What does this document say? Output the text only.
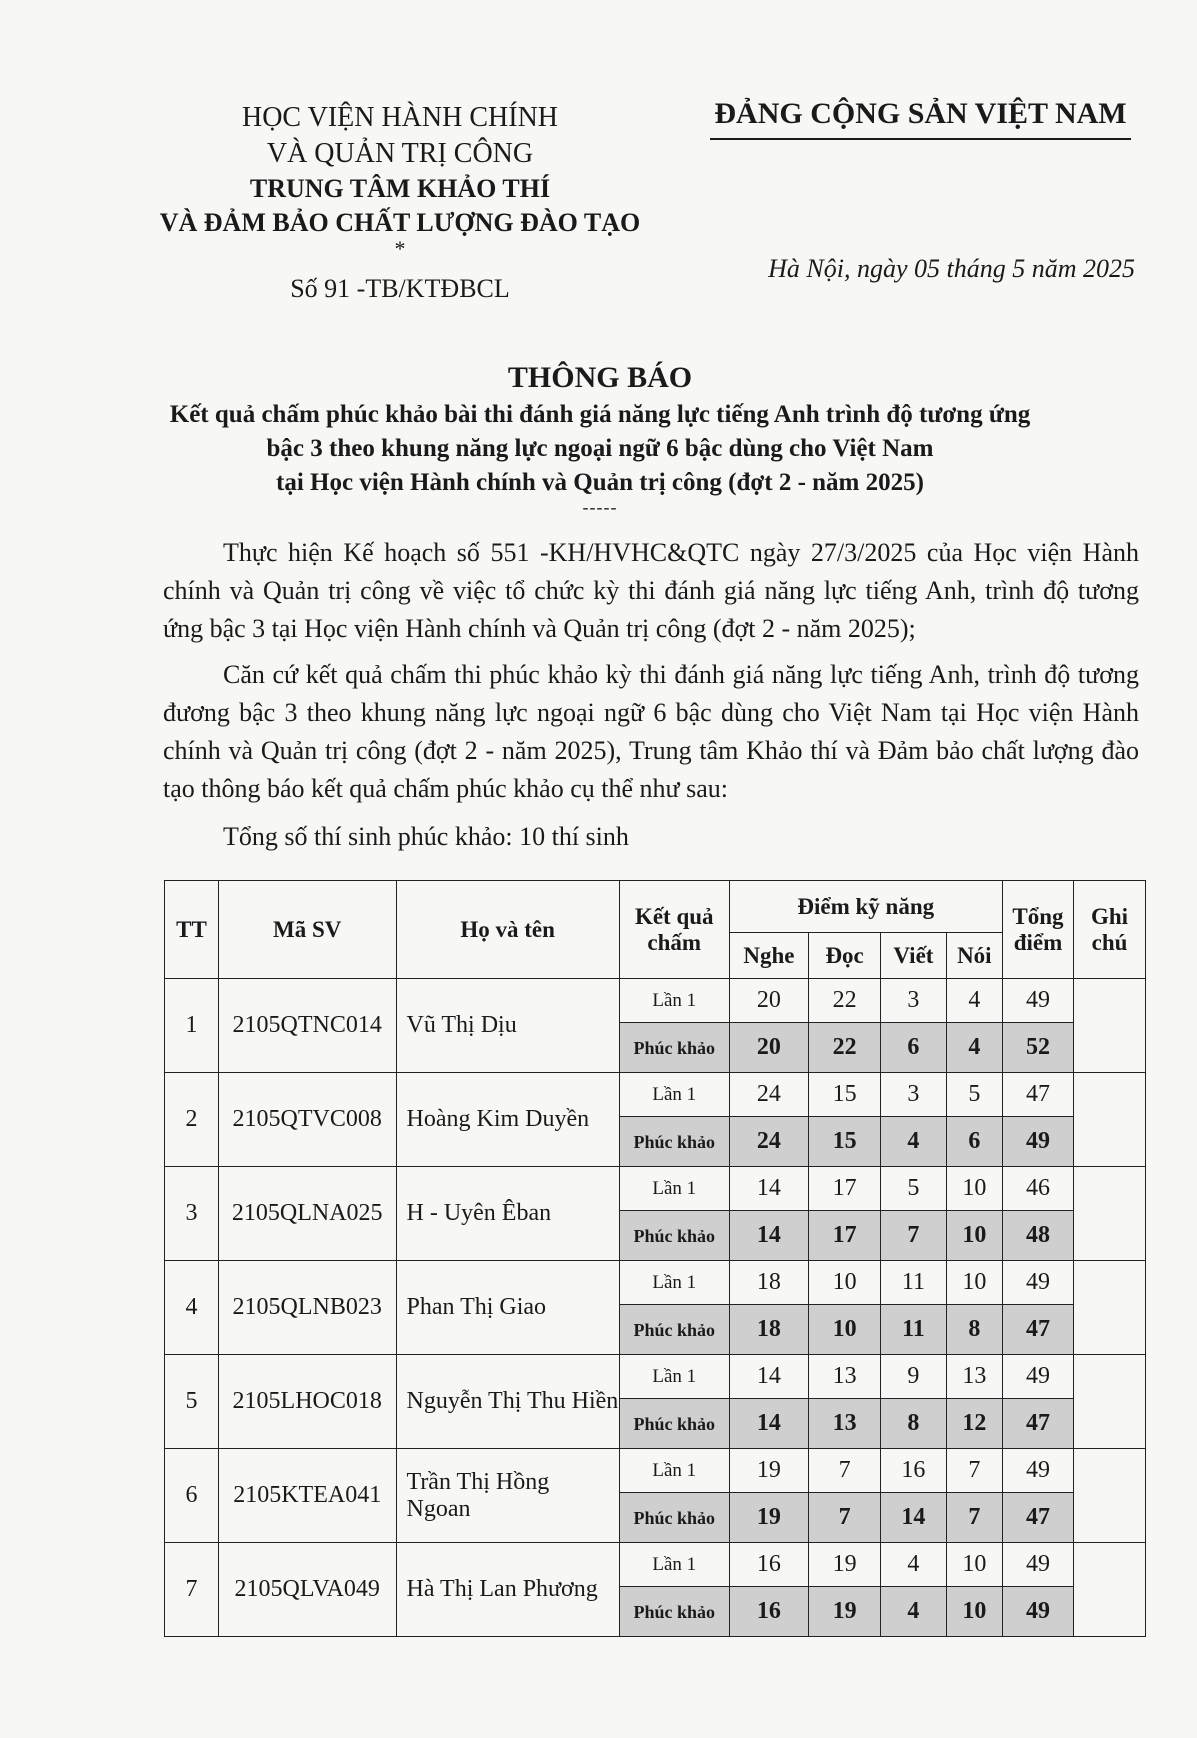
HỌC VIỆN HÀNH CHÍNH
VÀ QUẢN TRỊ CÔNG
TRUNG TÂM KHẢO THÍ
VÀ ĐẢM BẢO CHẤT LƯỢNG ĐÀO TẠO
*
Số 91 -TB/KTĐBCL
ĐẢNG CỘNG SẢN VIỆT NAM
Hà Nội, ngày 05 tháng 5 năm 2025
THÔNG BÁO
Kết quả chấm phúc khảo bài thi đánh giá năng lực tiếng Anh trình độ tương ứng
bậc 3 theo khung năng lực ngoại ngữ 6 bậc dùng cho Việt Nam
tại Học viện Hành chính và Quản trị công (đợt 2 - năm 2025)
-----

Thực hiện Kế hoạch số 551 -KH/HVHC&QTC ngày 27/3/2025 của Học viện Hành chính và Quản trị công về việc tổ chức kỳ thi đánh giá năng lực tiếng Anh, trình độ tương ứng bậc 3 tại Học viện Hành chính và Quản trị công (đợt 2 - năm 2025);

Căn cứ kết quả chấm thi phúc khảo kỳ thi đánh giá năng lực tiếng Anh, trình độ tương đương bậc 3 theo khung năng lực ngoại ngữ 6 bậc dùng cho Việt Nam tại Học viện Hành chính và Quản trị công (đợt 2 - năm 2025), Trung tâm Khảo thí và Đảm bảo chất lượng đào tạo thông báo kết quả chấm phúc khảo cụ thể như sau:

Tổng số thí sinh phúc khảo: 10 thí sinh

TT	Mã SV	Họ và tên	Kết quả chấm	Điểm kỹ năng				Tổng điểm	Ghi chú
				Nghe	Đọc	Viết	Nói		
1	2105QTNC014	Vũ Thị Dịu	Lần 1	20	22	3	4	49	
			Phúc khảo	20	22	6	4	52	
2	2105QTVC008	Hoàng Kim Duyền	Lần 1	24	15	3	5	47	
			Phúc khảo	24	15	4	6	49	
3	2105QLNA025	H - Uyên Êban	Lần 1	14	17	5	10	46	
			Phúc khảo	14	17	7	10	48	
4	2105QLNB023	Phan Thị Giao	Lần 1	18	10	11	10	49	
			Phúc khảo	18	10	11	8	47	
5	2105LHOC018	Nguyễn Thị Thu Hiền	Lần 1	14	13	9	13	49	
			Phúc khảo	14	13	8	12	47	
6	2105KTEA041	Trần Thị Hồng Ngoan	Lần 1	19	7	16	7	49	
			Phúc khảo	19	7	14	7	47	
7	2105QLVA049	Hà Thị Lan Phương	Lần 1	16	19	4	10	49	
			Phúc khảo	16	19	4	10	49	
